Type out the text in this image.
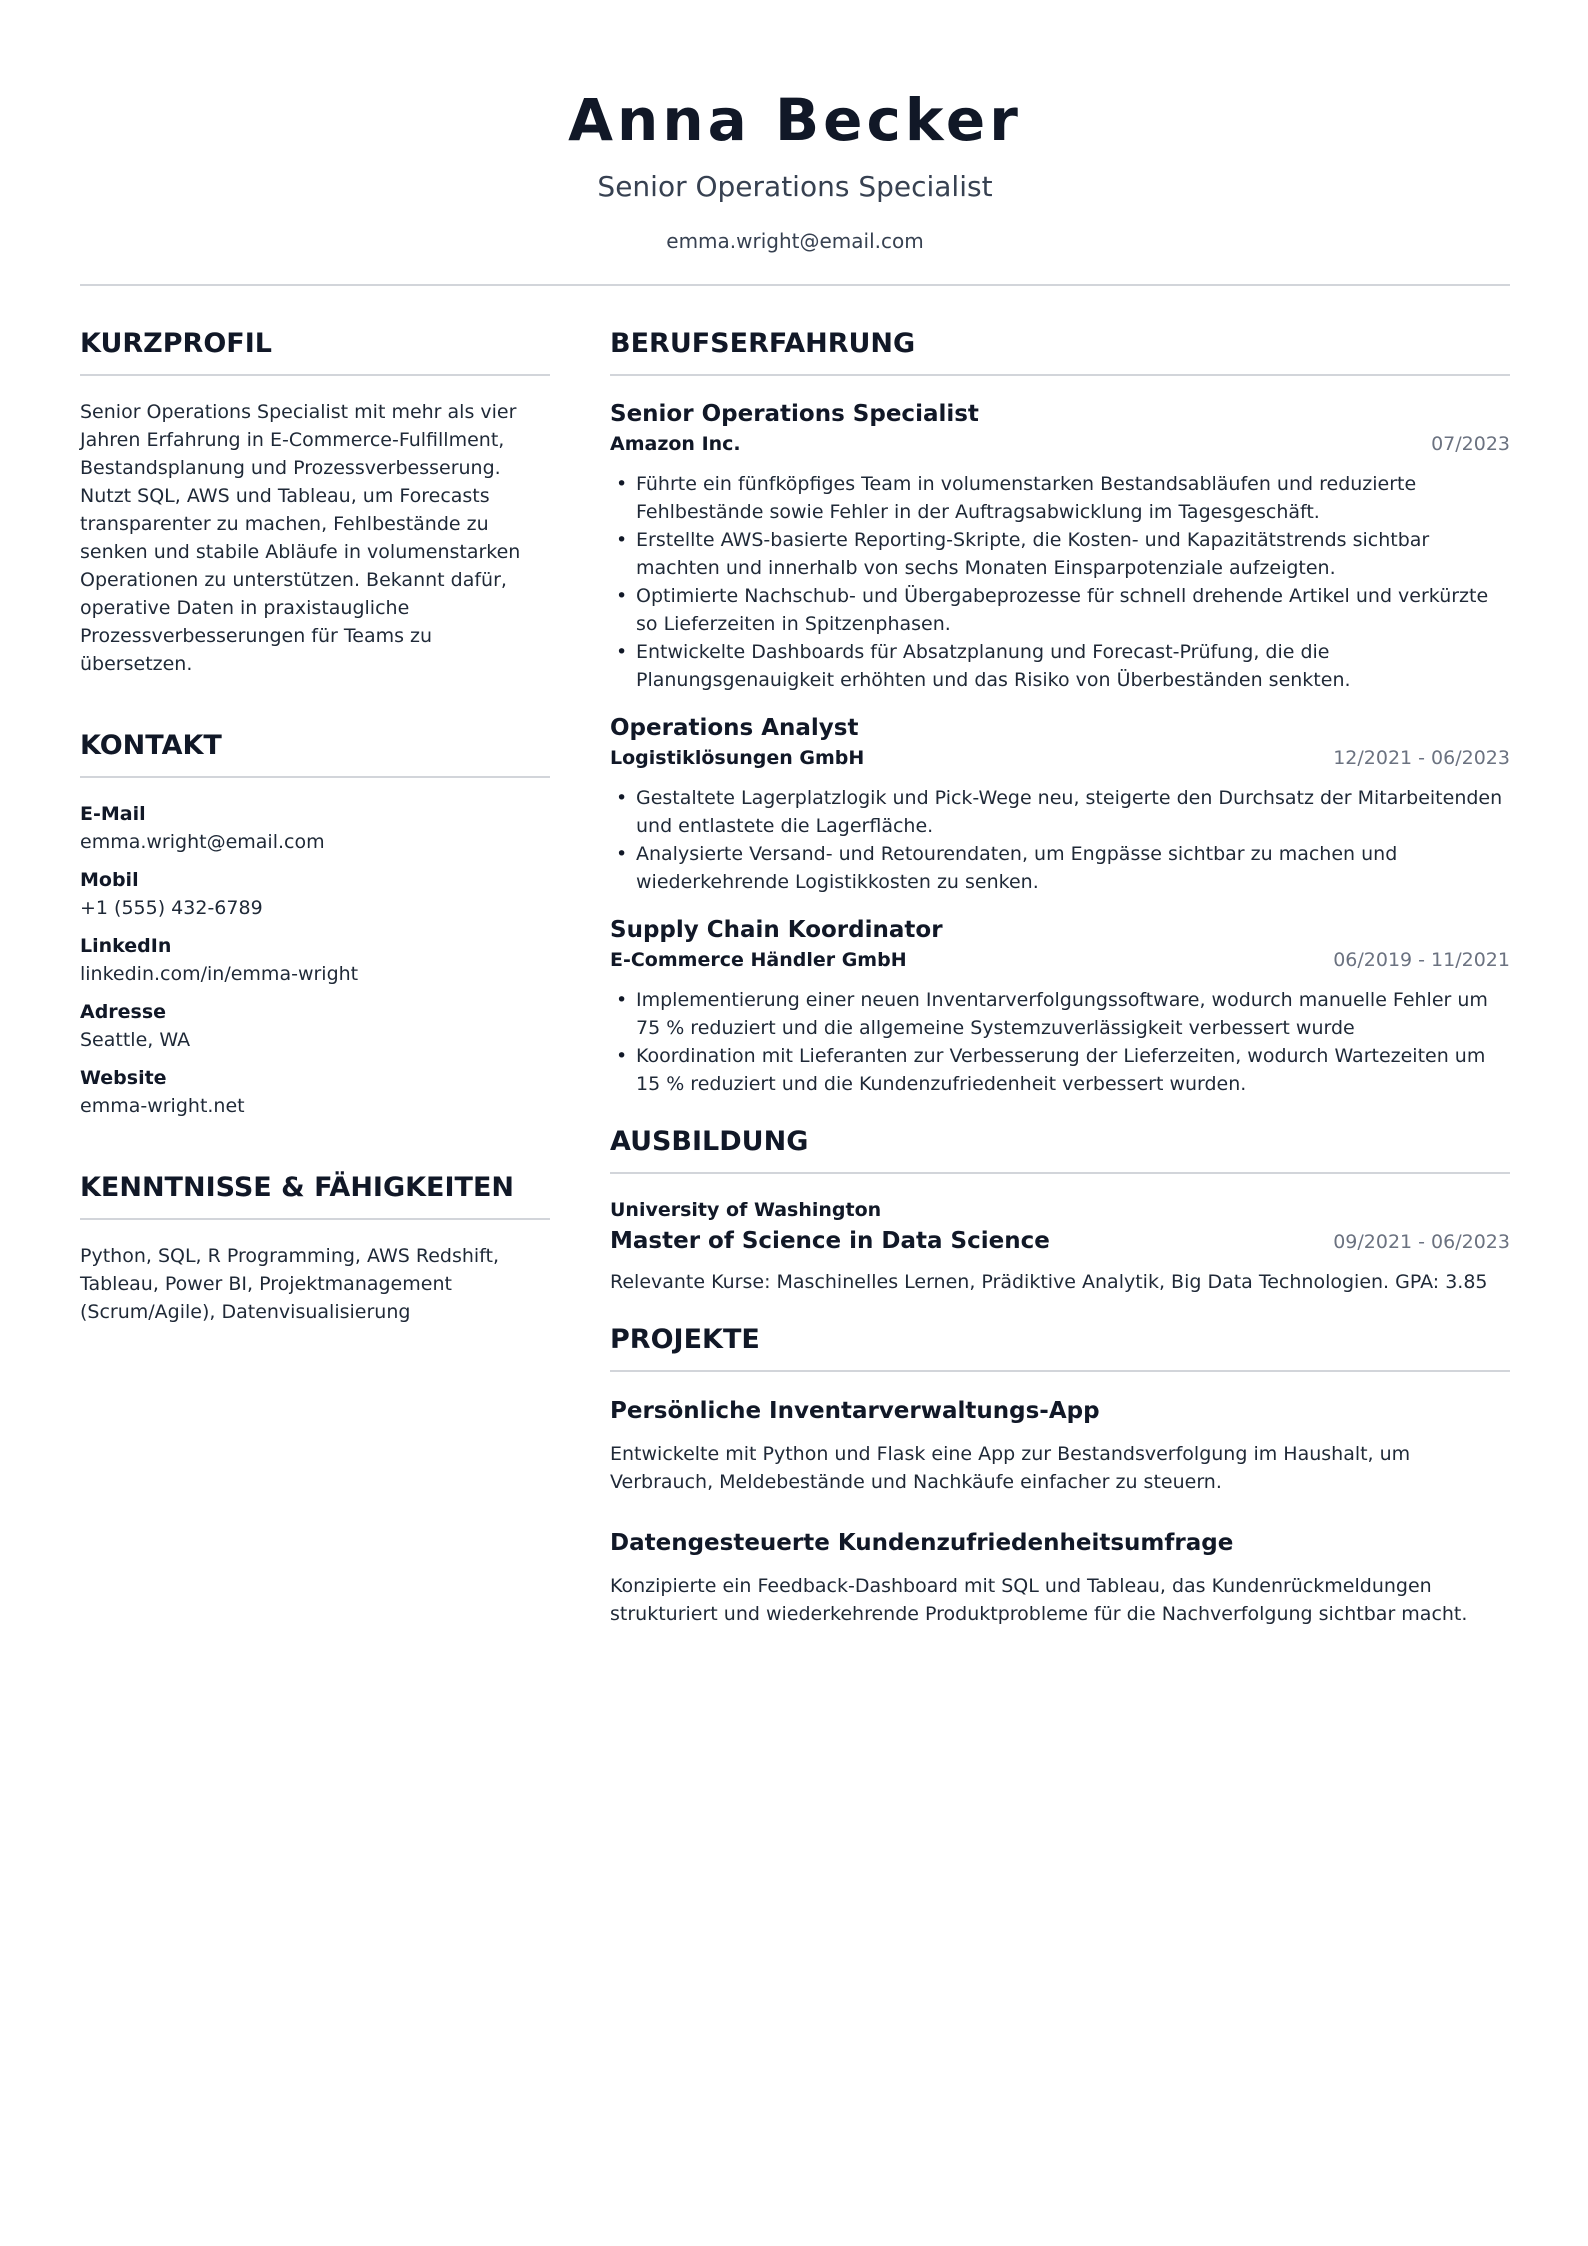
Anna Becker
Senior Operations Specialist
emma.wright@email.com
KURZPROFIL
Senior Operations Specialist mit mehr als vier Jahren Erfahrung in E-Commerce-Fulfillment, Bestandsplanung und Prozessverbesserung. Nutzt SQL, AWS und Tableau, um Forecasts transparenter zu machen, Fehlbestände zu senken und stabile Abläufe in volumenstarken Operationen zu unterstützen. Bekannt dafür, operative Daten in praxistaugliche Prozessverbesserungen für Teams zu übersetzen.
KONTAKT
E-Mail
emma.wright@email.com
Mobil
+1 (555) 432-6789
LinkedIn
linkedin.com/in/emma-wright
Adresse
Seattle, WA
Website
emma-wright.net
KENNTNISSE & FÄHIGKEITEN
Python, SQL, R Programming, AWS Redshift, Tableau, Power BI, Projektmanagement (Scrum/Agile), Datenvisualisierung
BERUFSERFAHRUNG
Senior Operations Specialist
Amazon Inc.	07/2023
• Führte ein fünfköpfiges Team in volumenstarken Bestandsabläufen und reduzierte Fehlbestände sowie Fehler in der Auftragsabwicklung im Tagesgeschäft.
• Erstellte AWS-basierte Reporting-Skripte, die Kosten- und Kapazitätstrends sichtbar machten und innerhalb von sechs Monaten Einsparpotenziale aufzeigten.
• Optimierte Nachschub- und Übergabeprozesse für schnell drehende Artikel und verkürzte so Lieferzeiten in Spitzenphasen.
• Entwickelte Dashboards für Absatzplanung und Forecast-Prüfung, die die Planungsgenauigkeit erhöhten und das Risiko von Überbeständen senkten.
Operations Analyst
Logistiklösungen GmbH	12/2021 - 06/2023
• Gestaltete Lagerplatzlogik und Pick-Wege neu, steigerte den Durchsatz der Mitarbeitenden und entlastete die Lagerfläche.
• Analysierte Versand- und Retourendaten, um Engpässe sichtbar zu machen und wiederkehrende Logistikkosten zu senken.
Supply Chain Koordinator
E-Commerce Händler GmbH	06/2019 - 11/2021
• Implementierung einer neuen Inventarverfolgungssoftware, wodurch manuelle Fehler um 75 % reduziert und die allgemeine Systemzuverlässigkeit verbessert wurde
• Koordination mit Lieferanten zur Verbesserung der Lieferzeiten, wodurch Wartezeiten um 15 % reduziert und die Kundenzufriedenheit verbessert wurden.
AUSBILDUNG
University of Washington
Master of Science in Data Science	09/2021 - 06/2023
Relevante Kurse: Maschinelles Lernen, Prädiktive Analytik, Big Data Technologien. GPA: 3.85
PROJEKTE
Persönliche Inventarverwaltungs-App
Entwickelte mit Python und Flask eine App zur Bestandsverfolgung im Haushalt, um Verbrauch, Meldebestände und Nachkäufe einfacher zu steuern.
Datengesteuerte Kundenzufriedenheitsumfrage
Konzipierte ein Feedback-Dashboard mit SQL und Tableau, das Kundenrückmeldungen strukturiert und wiederkehrende Produktprobleme für die Nachverfolgung sichtbar macht.
